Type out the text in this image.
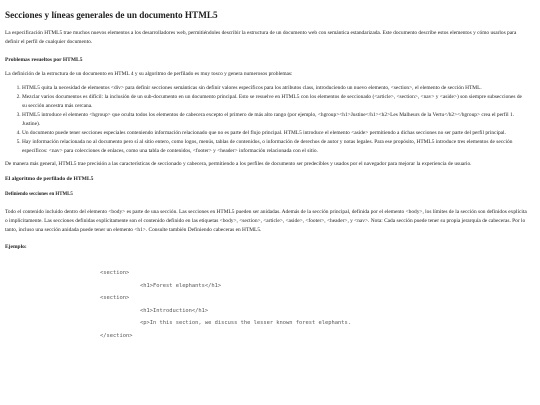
Secciones y líneas generales de un documento HTML5

La especificación HTML5 trae muchos nuevos elementos a los desarrolladores web, permitiéndoles describir la estructura de un documento web con semántica estandarizada. Este documento describe estos elementos y cómo usarlos para definir el perfil de cualquier documento.

Problemas resueltos por HTML5

La definición de la estructura de un documento en HTML 4 y su algoritmo de perfilado es muy tosco y genera numerosos problemas:

1. HTML5 quita la necesidad de elementos <div> para definir secciones semánticas sin definir valores específicos para los atributos class, introduciendo un nuevo elemento, <section>, el elemento de sección HTML.
2. Mezclar varios documentos es difícil: la inclusión de un sub-documento en un documento principal. Esto se resuelve en HTML5 con los elementos de seccionado (<article>, <section>, <nav> y <aside>) son siempre subsecciones de su sección ancestra más cercana.
3. HTML5 introduce el elemento <hgroup> que oculta todos los elementos de cabecera excepto el primero de más alto rango (por ejemplo, <hgroup><h1>Justine</h1><h2>Les Malheurs de la Vertu</h2></hgroup> crea el perfil 1. Justine).
4. Un documento puede tener secciones especiales conteniendo información relacionado que no es parte del flujo principal. HTML5 introduce el elemento <aside> permitiendo a dichas secciones no ser parte del perfil principal.
5. Hay información relacionada no al documento pero sí al sitio entero, como logos, menús, tablas de contenidos, o información de derechos de autor y notas legales. Para ese propósito, HTML5 introduce tres elementos de sección específicos: <nav> para colecciones de enlaces, como una tabla de contenidos, <footer> y <header> información relacionada con el sitio.

De manera más general, HTML5 trae precisión a las características de seccionado y cabecera, permitiendo a los perfiles de documento ser predecibles y usados por el navegador para mejorar la experiencia de usuario.

El algoritmo de perfilado de HTML5
Definiendo secciones en HTML5

Todo el contenido incluido dentro del elemento <body> es parte de una sección. Las secciones en HTML5 pueden ser anidadas. Además de la sección principal, definida por el elemento <body>, los límites de la sección son definidos explícita o implícitamente. Las secciones definidas explícitamente son el contenido definido en las etiquetas <body>, <section>, <article>, <aside>, <footer>, <header>, y <nav>. Nota: Cada sección puede tener su propia jerarquía de cabeceras. Por lo tanto, incluso una sección anidada puede tener un elemento <h1>. Consulte también Definiendo cabeceras en HTML5.

Ejemplo:
<section>
<h1>Forest elephants</h1>
<section>
<h1>Introduction</h1>
<p>In this section, we discuss the lesser known forest elephants.
</section>
